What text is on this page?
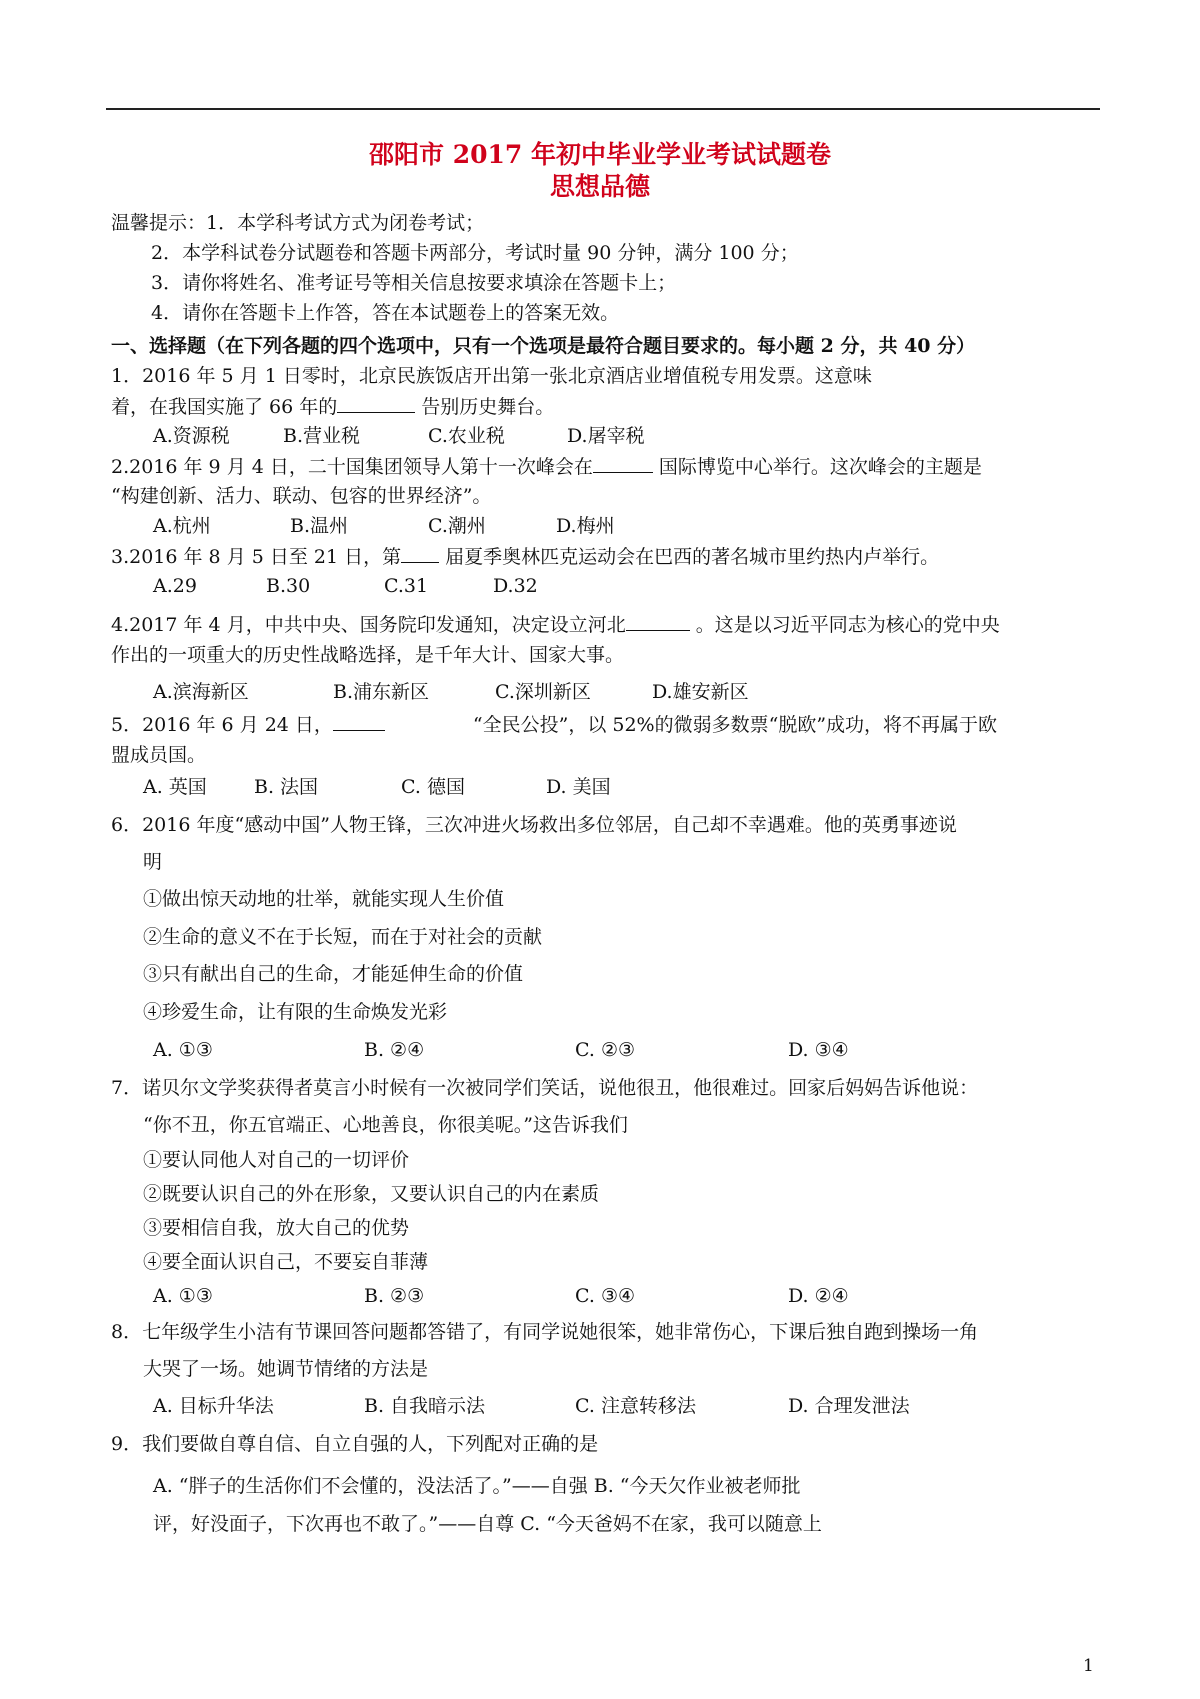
邵阳市 2017 年初中毕业学业考试试题卷
思想品德
温馨提示：1．本学科考试方式为闭卷考试；
2．本学科试卷分试题卷和答题卡两部分，考试时量 90 分钟，满分 100 分；
3．请你将姓名、准考证号等相关信息按要求填涂在答题卡上；
4．请你在答题卡上作答，答在本试题卷上的答案无效。
一、选择题（在下列各题的四个选项中，只有一个选项是最符合题目要求的。每小题 2 分，共 40 分）
1．2016 年 5 月 1 日零时，北京民族饭店开出第一张北京酒店业增值税专用发票。这意味
着，在我国实施了 66 年的	告别历史舞台。
A.资源税	B.营业税	C.农业税	D.屠宰税
2.2016 年 9 月 4 日，二十国集团领导人第十一次峰会在	国际博览中心举行。这次峰会的主题是
“构建创新、活力、联动、包容的世界经济”。
A.杭州	B.温州	C.潮州	D.梅州
3.2016 年 8 月 5 日至 21 日，第 届夏季奥林匹克运动会在巴西的著名城市里约热内卢举行。
A.29	B.30	C.31	D.32
4.2017 年 4 月，中共中央、国务院印发通知，决定设立河北	。这是以习近平同志为核心的党中央
作出的一项重大的历史性战略选择，是千年大计、国家大事。
A.滨海新区	B.浦东新区	C.深圳新区	D.雄安新区
5．2016 年 6 月 24 日，	“全民公投”，以 52%的微弱多数票“脱欧”成功，将不再属于欧
盟成员国。
A. 英国 B. 法国	C. 德国	D. 美国
6．2016 年度“感动中国”人物王锋，三次冲进火场救出多位邻居，自己却不幸遇难。他的英勇事迹说
明
①做出惊天动地的壮举，就能实现人生价值
②生命的意义不在于长短，而在于对社会的贡献
③只有献出自己的生命，才能延伸生命的价值
④珍爱生命，让有限的生命焕发光彩
A. ①③	B. ②④	C. ②③	D. ③④
7．诺贝尔文学奖获得者莫言小时候有一次被同学们笑话，说他很丑，他很难过。回家后妈妈告诉他说：
“你不丑，你五官端正、心地善良，你很美呢。”这告诉我们
①要认同他人对自己的一切评价
②既要认识自己的外在形象，又要认识自己的内在素质
③要相信自我，放大自己的优势
④要全面认识自己，不要妄自菲薄
A. ①③	B. ②③	C. ③④	D. ②④
8．七年级学生小洁有节课回答问题都答错了，有同学说她很笨，她非常伤心，下课后独自跑到操场一角
大哭了一场。她调节情绪的方法是
A. 目标升华法	B. 自我暗示法	C. 注意转移法	D. 合理发泄法
9．我们要做自尊自信、自立自强的人，下列配对正确的是
A. “胖子的生活你们不会懂的，没法活了。”——自强 B. “今天欠作业被老师批
评，好没面子，下次再也不敢了。”——自尊 C. “今天爸妈不在家，我可以随意上
1
